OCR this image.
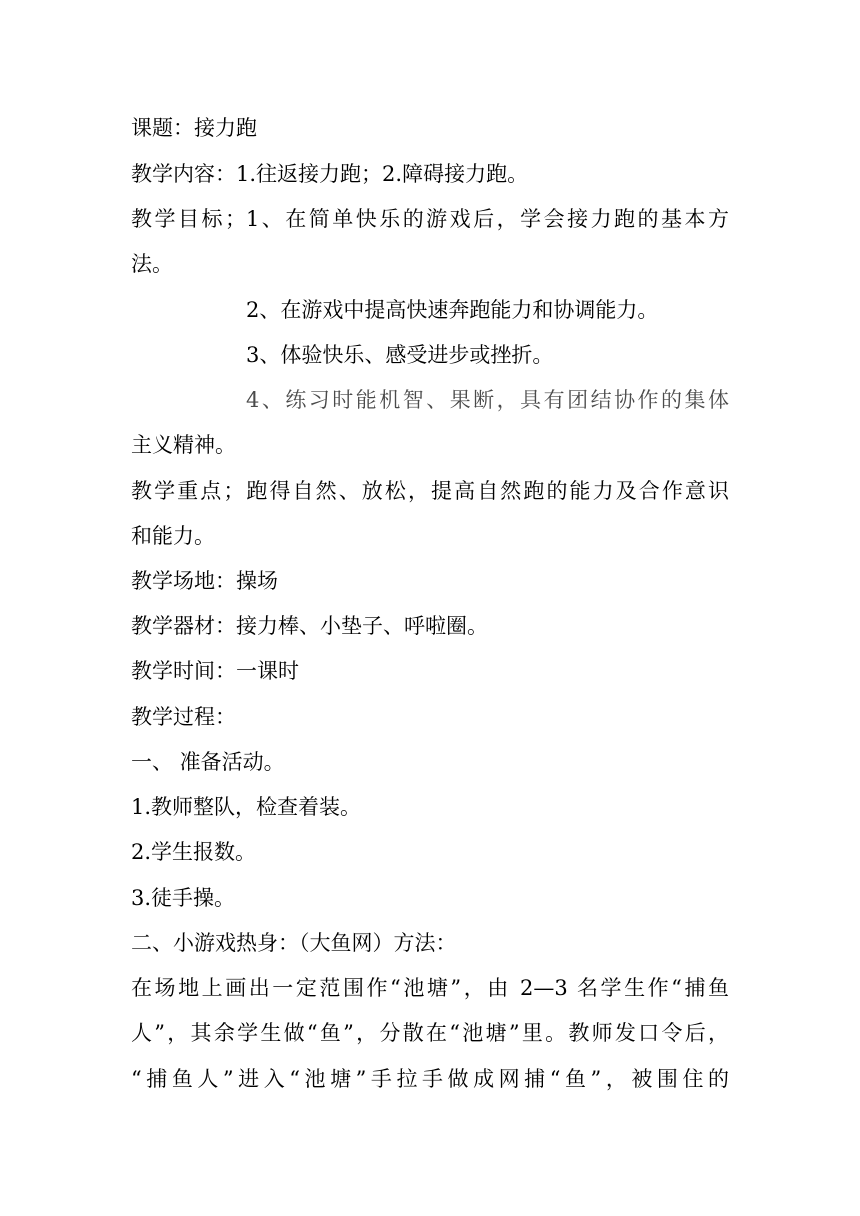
课题：接力跑
教学内容：1.往返接力跑；2.障碍接力跑。
教学目标；1、在简单快乐的游戏后，学会接力跑的基本方
法。
2、在游戏中提高快速奔跑能力和协调能力。
3、体验快乐、感受进步或挫折。
4、练习时能机智、果断，具有团结协作的集体
主义精神。
教学重点；跑得自然、放松，提高自然跑的能力及合作意识
和能力。
教学场地：操场
教学器材：接力棒、小垫子、呼啦圈。
教学时间：一课时
教学过程：
一、 准备活动。
1.教师整队，检查着装。
2.学生报数。
3.徒手操。
二、小游戏热身：（大鱼网）方法：
在场地上画出一定范围作“池塘”，由 2—3 名学生作“捕鱼
人”，其余学生做“鱼”，分散在“池塘”里。教师发口令后，
“捕鱼人”进入“池塘”手拉手做成网捕“鱼”，被围住的
